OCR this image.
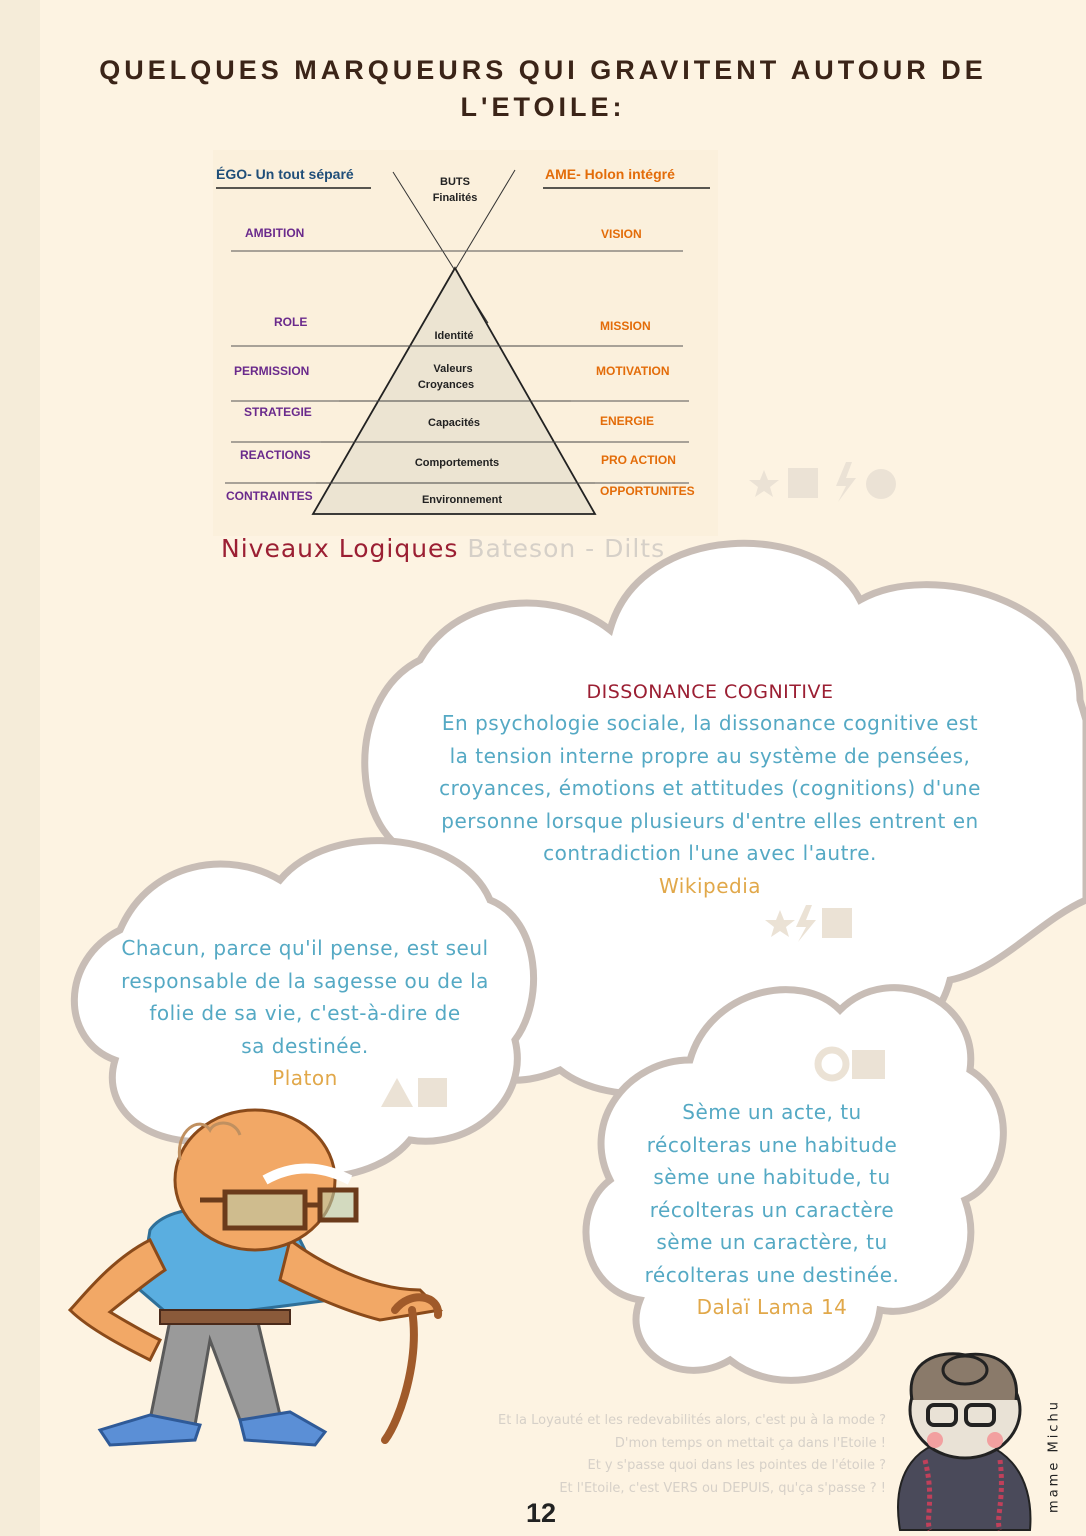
QUELQUES MARQUEURS QUI GRAVITENT AUTOUR DE
L'ETOILE:
ÉGO- Un tout séparé	AME- Holon intégré
BUTS
Finalités
AMBITION
ROLE
PERMISSION
STRATEGIE
REACTIONS
CONTRAINTES
VISION
MISSION
MOTIVATION
ENERGIE
PRO ACTION
OPPORTUNITES
Identité
Valeurs
Croyances
Capacités
Comportements
Environnement
Niveaux Logiques Bateson - Dilts
DISSONANCE COGNITIVE
En psychologie sociale, la dissonance cognitive est
la tension interne propre au système de pensées,
croyances, émotions et attitudes (cognitions) d'une
personne lorsque plusieurs d'entre elles entrent en
contradiction l'une avec l'autre.
Wikipedia
Chacun, parce qu'il pense, est seul
responsable de la sagesse ou de la
folie de sa vie, c'est-à-dire de
sa destinée.
Platon
Sème un acte, tu
récolteras une habitude
sème une habitude, tu
récolteras un caractère
sème un caractère, tu
récolteras une destinée.
Dalaï Lama 14
Et la Loyauté et les redevabilités alors, c'est pu à la mode ?
D'mon temps on mettait ça dans l'Etoile !
Et y s'passe quoi dans les pointes de l'étoile ?
Et l'Etoile, c'est VERS ou DEPUIS, qu'ça s'passe ? !
12
mame Michu
